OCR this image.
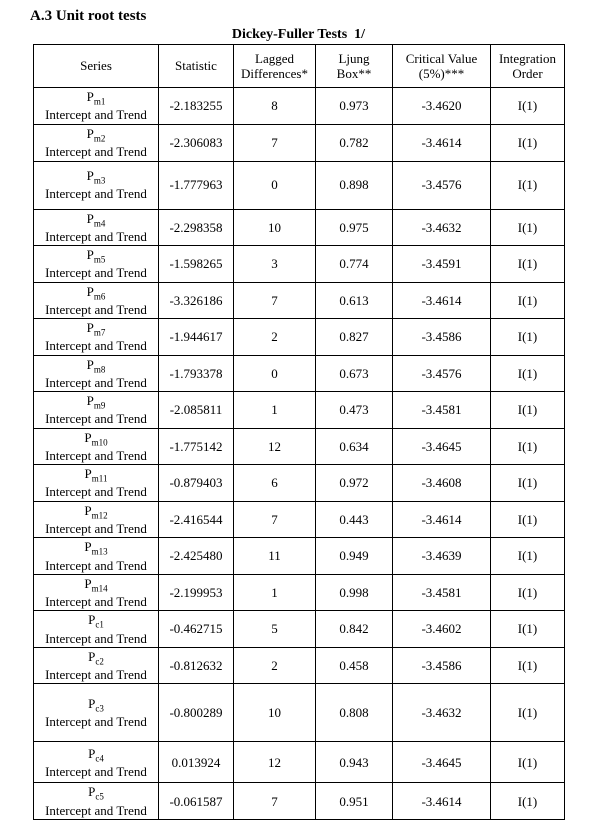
A.3 Unit root tests
Dickey-Fuller Tests  1/
Series	Statistic

Lagged
Differences*

Ljung
Box**

Critical Value
(5%)***

Integration
Order

$P_{m1}$
Intercept and Trend	-2.183255	8	0.973	-3.4620	I(1)

$P_{m2}$
Intercept and Trend	-2.306083	7	0.782	-3.4614	I(1)

$P_{m3}$
Intercept and Trend	-1.777963	0	0.898	-3.4576	I(1)

$P_{m4}$
Intercept and Trend	-2.298358	10	0.975	-3.4632	I(1)

$P_{m5}$
Intercept and Trend	-1.598265	3	0.774	-3.4591	I(1)

$P_{m6}$
Intercept and Trend	-3.326186	7	0.613	-3.4614	I(1)

$P_{m7}$
Intercept and Trend	-1.944617	2	0.827	-3.4586	I(1)

$P_{m8}$
Intercept and Trend	-1.793378	0	0.673	-3.4576	I(1)

$P_{m9}$
Intercept and Trend	-2.085811	1	0.473	-3.4581	I(1)

$P_{m10}$
Intercept and Trend	-1.775142	12	0.634	-3.4645	I(1)

$P_{m11}$
Intercept and Trend	-0.879403	6	0.972	-3.4608	I(1)

$P_{m12}$
Intercept and Trend	-2.416544	7	0.443	-3.4614	I(1)

$P_{m13}$
Intercept and Trend	-2.425480	11	0.949	-3.4639	I(1)

$P_{m14}$
Intercept and Trend	-2.199953	1	0.998	-3.4581	I(1)

$P_{c1}$
Intercept and Trend	-0.462715	5	0.842	-3.4602	I(1)

$P_{c2}$
Intercept and Trend	-0.812632	2	0.458	-3.4586	I(1)

$P_{c3}$
Intercept and Trend	-0.800289	10	0.808	-3.4632	I(1)

$P_{c4}$
Intercept and Trend	0.013924	12	0.943	-3.4645	I(1)

$P_{c5}$
Intercept and Trend	-0.061587	7	0.951	-3.4614	I(1)
